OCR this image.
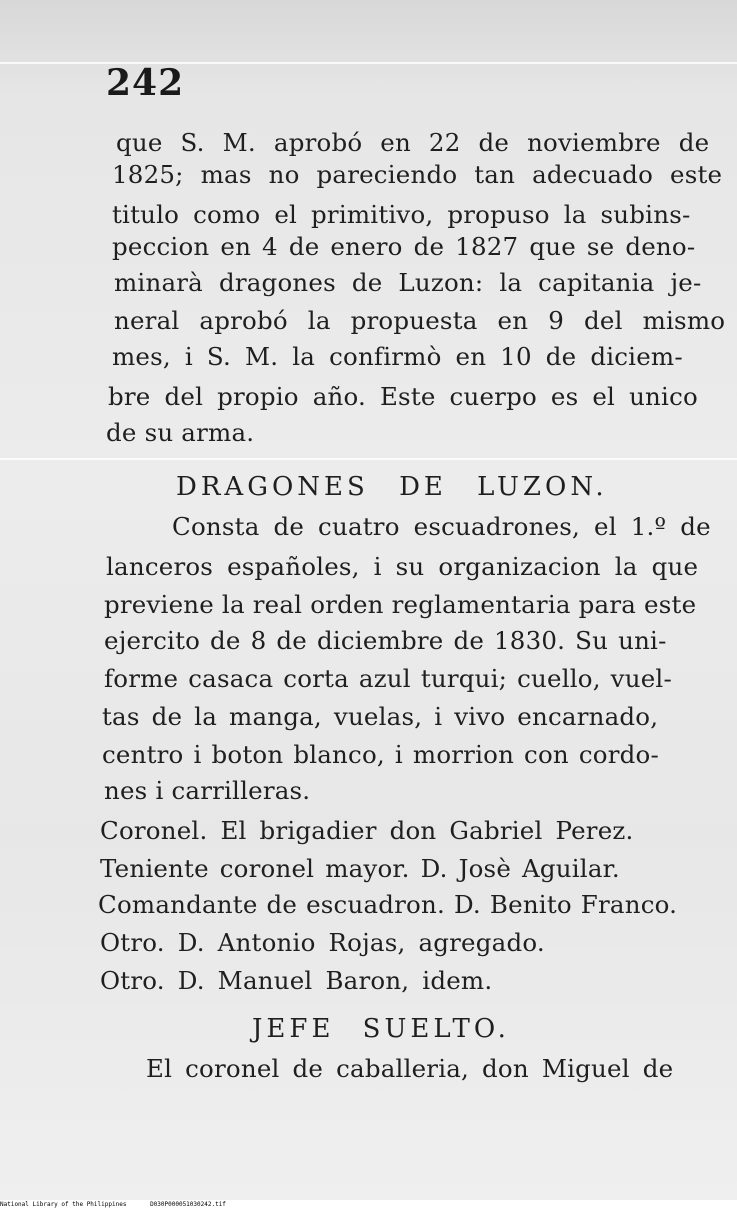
242
que S. M. aprobó en 22 de noviembre de
1825; mas no pareciendo tan adecuado este
titulo como el primitivo, propuso la subins-
peccion en 4 de enero de 1827 que se deno-
minarà dragones de Luzon: la capitania je-
neral aprobó la propuesta en 9 del mismo
mes, i S. M. la confirmò en 10 de diciem-
bre del propio año. Este cuerpo es el unico
de su arma.
DRAGONES DE LUZON.
Consta de cuatro escuadrones, el 1.º de
lanceros españoles, i su organizacion la que
previene la real orden reglamentaria para este
ejercito de 8 de diciembre de 1830. Su uni-
forme casaca corta azul turqui; cuello, vuel-
tas de la manga, vuelas, i vivo encarnado,
centro i boton blanco, i morrion con cordo-
nes i carrilleras.
Coronel. El brigadier don Gabriel Perez.
Teniente coronel mayor. D. Josè Aguilar.
Comandante de escuadron. D. Benito Franco.
Otro. D. Antonio Rojas, agregado.
Otro. D. Manuel Baron, idem.
JEFE SUELTO.
El coronel de caballeria, don Miguel de
National Library of the Philippines	D030P000051030242.tif
